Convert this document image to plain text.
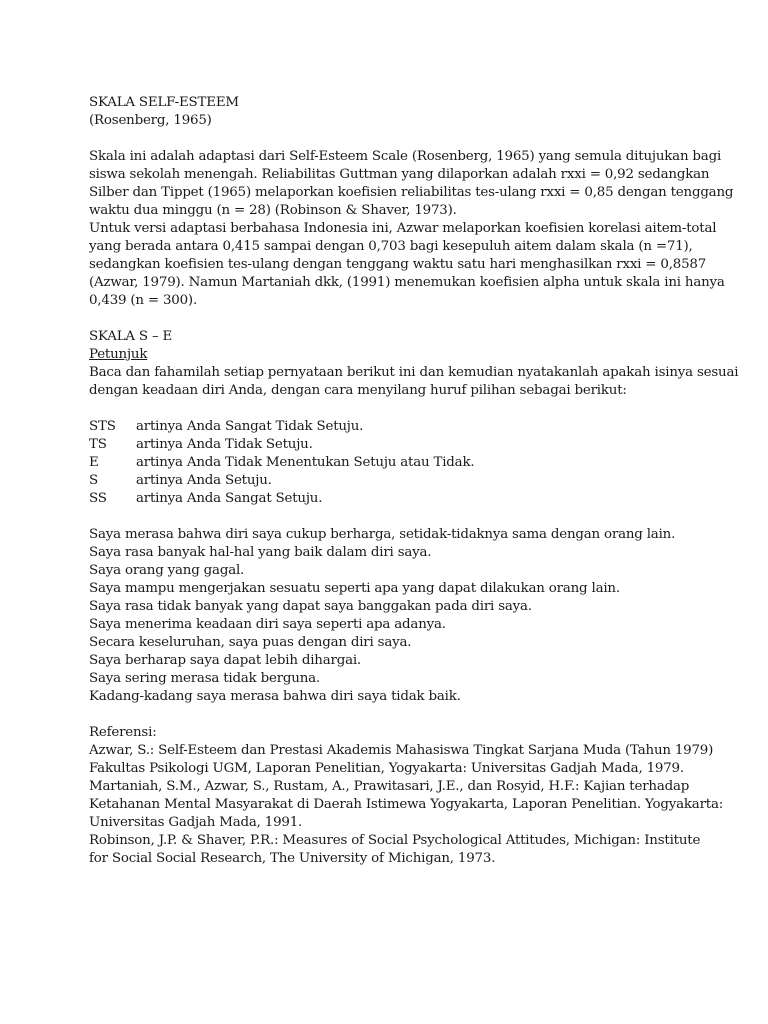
SKALA SELF-ESTEEM
(Rosenberg, 1965)
Skala ini adalah adaptasi dari Self-Esteem Scale (Rosenberg, 1965) yang semula ditujukan bagi
siswa sekolah menengah. Reliabilitas Guttman yang dilaporkan adalah rxxi = 0,92 sedangkan
Silber dan Tippet (1965) melaporkan koefisien reliabilitas tes-ulang rxxi = 0,85 dengan tenggang
waktu dua minggu (n = 28) (Robinson & Shaver, 1973).
Untuk versi adaptasi berbahasa Indonesia ini, Azwar melaporkan koefisien korelasi aitem-total
yang berada antara 0,415 sampai dengan 0,703 bagi kesepuluh aitem dalam skala (n =71),
sedangkan koefisien tes-ulang dengan tenggang waktu satu hari menghasilkan rxxi = 0,8587
(Azwar, 1979). Namun Martaniah dkk, (1991) menemukan koefisien alpha untuk skala ini hanya
0,439 (n = 300).
SKALA S – E
Petunjuk
Baca dan fahamilah setiap pernyataan berikut ini dan kemudian nyatakanlah apakah isinya sesuai
dengan keadaan diri Anda, dengan cara menyilang huruf pilihan sebagai berikut:
STS	artinya Anda Sangat Tidak Setuju.
TS	artinya Anda Tidak Setuju.
E	artinya Anda Tidak Menentukan Setuju atau Tidak.
S	artinya Anda Setuju.
SS	artinya Anda Sangat Setuju.
Saya merasa bahwa diri saya cukup berharga, setidak-tidaknya sama dengan orang lain.
Saya rasa banyak hal-hal yang baik dalam diri saya.
Saya orang yang gagal.
Saya mampu mengerjakan sesuatu seperti apa yang dapat dilakukan orang lain.
Saya rasa tidak banyak yang dapat saya banggakan pada diri saya.
Saya menerima keadaan diri saya seperti apa adanya.
Secara keseluruhan, saya puas dengan diri saya.
Saya berharap saya dapat lebih dihargai.
Saya sering merasa tidak berguna.
Kadang-kadang saya merasa bahwa diri saya tidak baik.
Referensi:
Azwar, S.: Self-Esteem dan Prestasi Akademis Mahasiswa Tingkat Sarjana Muda (Tahun 1979)
Fakultas Psikologi UGM, Laporan Penelitian, Yogyakarta: Universitas Gadjah Mada, 1979.
Martaniah, S.M., Azwar, S., Rustam, A., Prawitasari, J.E., dan Rosyid, H.F.: Kajian terhadap
Ketahanan Mental Masyarakat di Daerah Istimewa Yogyakarta, Laporan Penelitian. Yogyakarta:
Universitas Gadjah Mada, 1991.
Robinson, J.P. & Shaver, P.R.: Measures of Social Psychological Attitudes, Michigan: Institute
for Social Social Research, The University of Michigan, 1973.
